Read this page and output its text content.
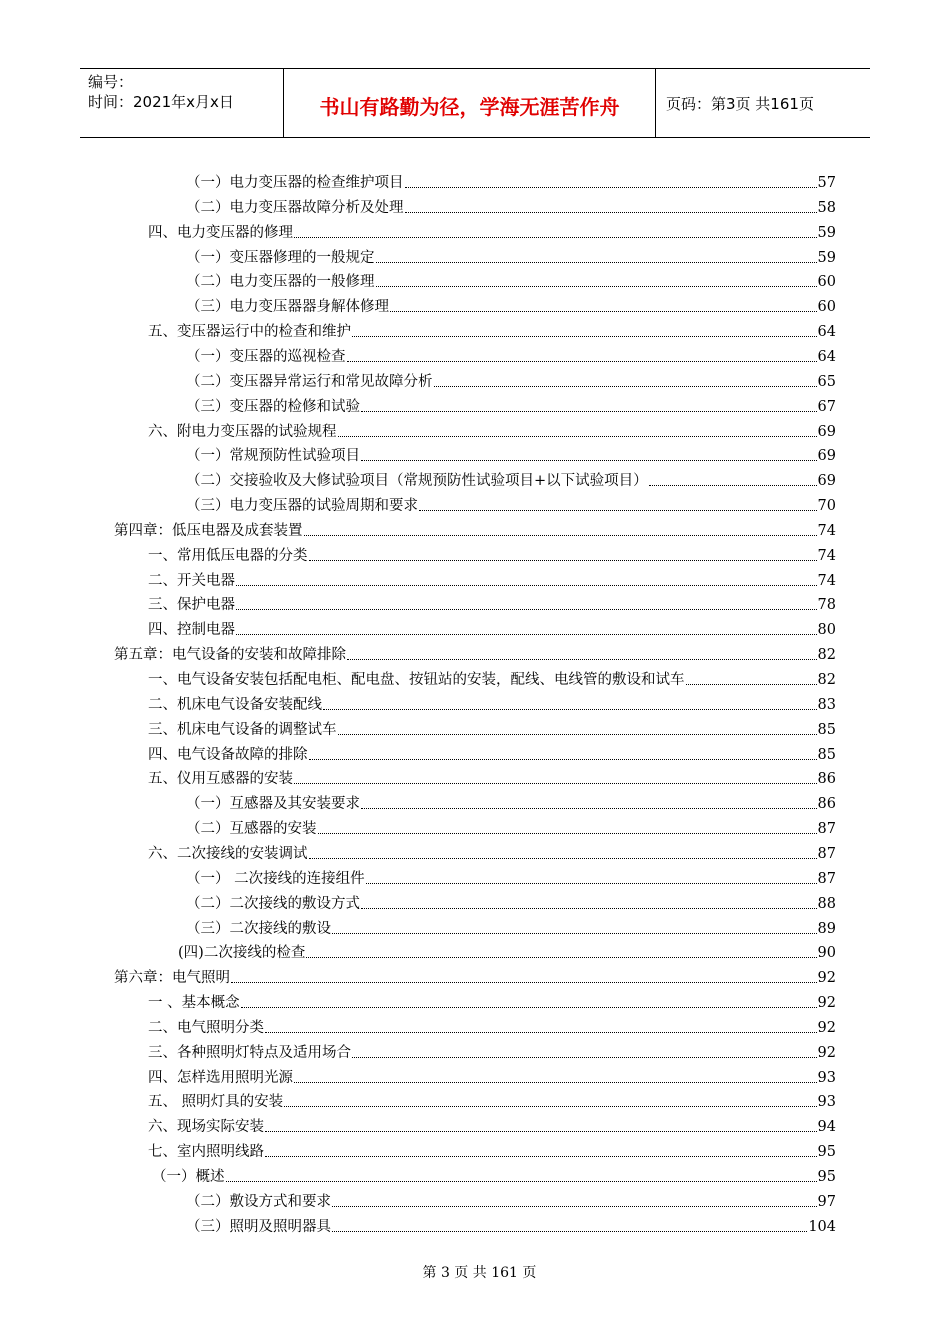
编号：
时间：2021年x月x日	书山有路勤为径，学海无涯苦作舟	页码：第3页 共161页
（一）电力变压器的检查维护项目	57
（二）电力变压器故障分析及处理	58
四、电力变压器的修理	59
（一）变压器修理的一般规定	59
（二）电力变压器的一般修理	60
（三）电力变压器器身解体修理	60
五、变压器运行中的检查和维护	64
（一）变压器的巡视检查	64
（二）变压器异常运行和常见故障分析	65
（三）变压器的检修和试验	67
六、附电力变压器的试验规程	69
（一）常规预防性试验项目	69
（二）交接验收及大修试验项目（常规预防性试验项目+以下试验项目）	69
（三）电力变压器的试验周期和要求	70
第四章：低压电器及成套装置	74
一、常用低压电器的分类	74
二、开关电器	74
三、保护电器	78
四、控制电器	80
第五章：电气设备的安装和故障排除	82
一、电气设备安装包括配电柜、配电盘、按钮站的安装，配线、电线管的敷设和试车	82
二、机床电气设备安装配线	83
三、机床电气设备的调整试车	85
四、电气设备故障的排除	85
五、仪用互感器的安装	86
（一）互感器及其安装要求	86
（二）互感器的安装	87
六、二次接线的安装调试	87
（一） 二次接线的连接组件	87
（二）二次接线的敷设方式	88
（三）二次接线的敷设	89
(四)二次接线的检查	90
第六章：电气照明	92
一 、基本概念	92
二、电气照明分类	92
三、各种照明灯特点及适用场合	92
四、怎样选用照明光源	93
五、 照明灯具的安装	93
六、现场实际安装	94
七、室内照明线路	95
（一）概述	95
（二）敷设方式和要求	97
（三）照明及照明器具	104

第 3 页 共 161 页
